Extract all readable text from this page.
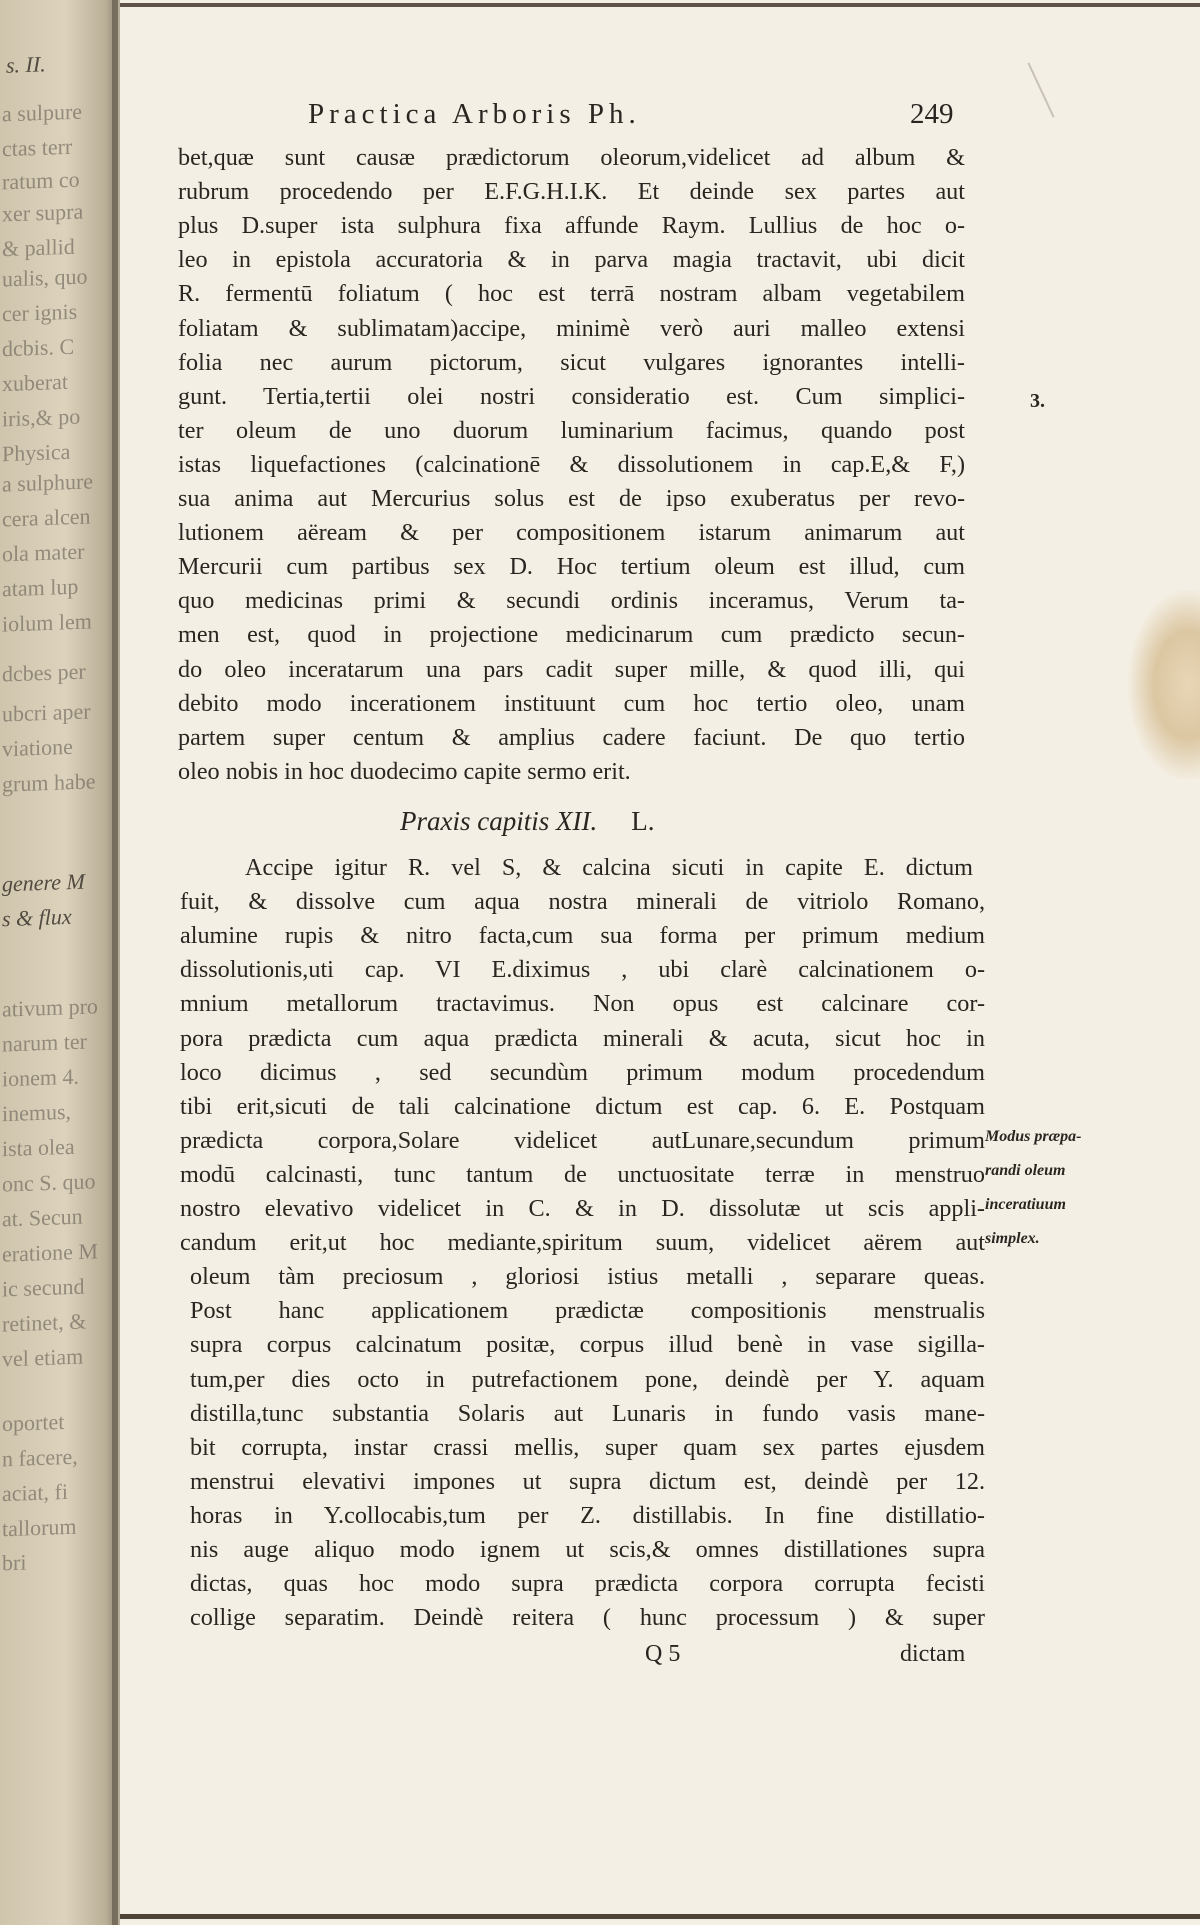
s. II.
a sulpure
ctas terr
ratum co
xer supra
& pallid
ualis, quo
cer ignis
dcbis. C
xuberat
iris,& po
Physica
a sulphure
cera alcen
ola mater
atam lup
iolum lem
dcbes per
ubcri aper
viatione
grum habe
genere M
s & flux
ativum pro
narum ter
ionem 4.
inemus,
ista olea
onc S. quo
at. Secun
eratione M
ic secund
retinet, &
vel etiam
oportet
n facere,
aciat, fi
tallorum
bri
Practica Arboris Ph.	249
bet,quæ sunt causæ prædictorum oleorum,videlicet ad album &
rubrum procedendo per E.F.G.H.I.K. Et deinde sex partes aut
plus D.super ista sulphura fixa affunde Raym. Lullius de hoc o-
leo in epistola accuratoria & in parva magia tractavit, ubi dicit
R. fermentū foliatum ( hoc est terrā nostram albam vegetabilem
foliatam & sublimatam)accipe, minimè verò auri malleo extensi
folia nec aurum pictorum, sicut vulgares ignorantes intelli-
gunt. Tertia,tertii olei nostri consideratio est. Cum simplici-
ter oleum de uno duorum luminarium facimus, quando post
istas liquefactiones (calcinationē & dissolutionem in cap.E,& F,)
sua anima aut Mercurius solus est de ipso exuberatus per revo-
lutionem aëream & per compositionem istarum animarum aut
Mercurii cum partibus sex D. Hoc tertium oleum est illud, cum
quo medicinas primi & secundi ordinis inceramus, Verum ta-
men est, quod in projectione medicinarum cum prædicto secun-
do oleo inceratarum una pars cadit super mille, & quod illi, qui
debito modo incerationem instituunt cum hoc tertio oleo, unam
partem super centum & amplius cadere faciunt. De quo tertio
oleo nobis in hoc duodecimo capite sermo erit.
Accipe igitur R. vel S, & calcina sicuti in capite E. dictum
fuit, & dissolve cum aqua nostra minerali de vitriolo Romano,
alumine rupis & nitro facta,cum sua forma per primum medium
dissolutionis,uti cap. VI E.diximus , ubi clarè calcinationem o-
mnium metallorum tractavimus. Non opus est calcinare cor-
pora prædicta cum aqua prædicta minerali & acuta, sicut hoc in
loco dicimus , sed secundùm primum modum procedendum
tibi erit,sicuti de tali calcinatione dictum est cap. 6. E. Postquam
prædicta corpora,Solare videlicet autLunare,secundum primum
modū calcinasti, tunc tantum de unctuositate terræ in menstruo
nostro elevativo videlicet in C. & in D. dissolutæ ut scis appli-
candum erit,ut hoc mediante,spiritum suum, videlicet aërem aut
oleum tàm preciosum , gloriosi istius metalli , separare queas.
Post hanc applicationem prædictæ compositionis menstrualis
supra corpus calcinatum positæ, corpus illud benè in vase sigilla-
tum,per dies octo in putrefactionem pone, deindè per Y. aquam
distilla,tunc substantia Solaris aut Lunaris in fundo vasis mane-
bit corrupta, instar crassi mellis, super quam sex partes ejusdem
menstrui elevativi impones ut supra dictum est, deindè per 12.
horas in Y.collocabis,tum per Z. distillabis. In fine distillatio-
nis auge aliquo modo ignem ut scis,& omnes distillationes supra
dictas, quas hoc modo supra prædicta corpora corrupta fecisti
collige separatim. Deindè reitera ( hunc processum ) & super
Praxis capitis XII. L.
3.
Modus præpa-
randi oleum
inceratiuum
simplex.
Q 5	dictam
